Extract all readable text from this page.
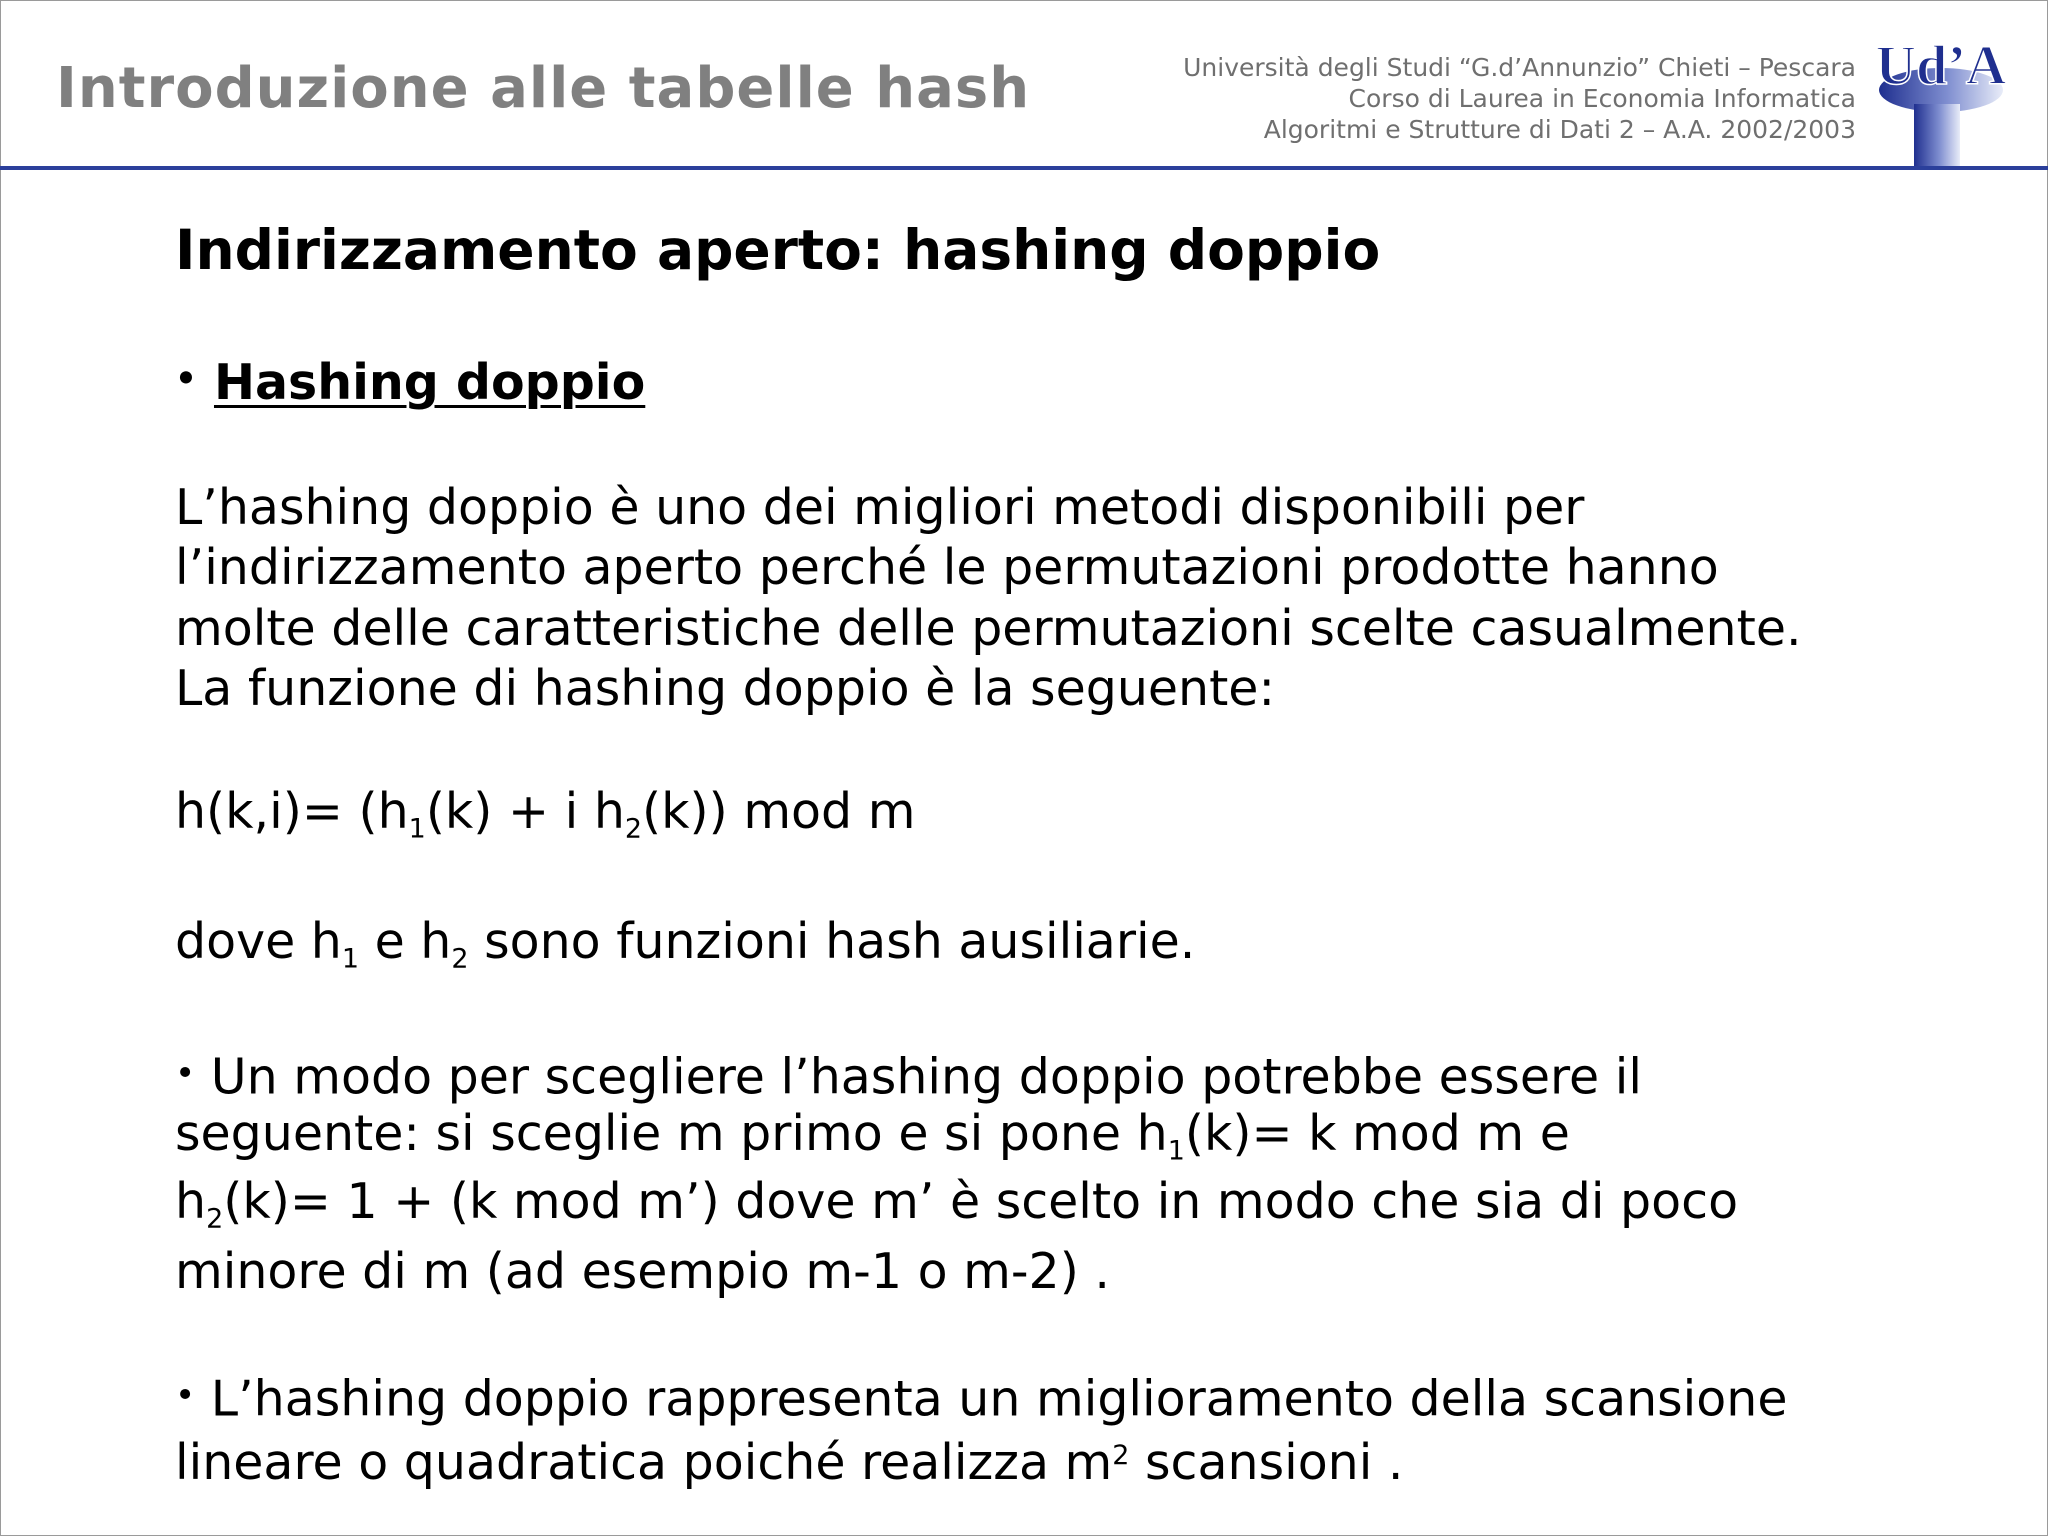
Introduzione alle tabelle hash	Università degli Studi “G.d’Annunzio” Chieti – Pescara
Corso di Laurea in Economia Informatica
Algoritmi e Strutture di Dati 2 – A.A. 2002/2003
Ud’A
Indirizzamento aperto: hashing doppio
• Hashing doppio
L’hashing doppio è uno dei migliori metodi disponibili per
l’indirizzamento aperto perché le permutazioni prodotte hanno
molte delle caratteristiche delle permutazioni scelte casualmente.
La funzione di hashing doppio è la seguente:
$h(k,i)= (h_1(k) + i$ $h_2(k)$) mod m
dove $h_1$ e $h_2$ sono funzioni hash ausiliarie.
• Un modo per scegliere l’hashing doppio potrebbe essere il
seguente: si sceglie m primo e si pone $h_1(k)= k$ mod m e
$h_2(k)= 1 + (k$ mod m’) dove m’ è scelto in modo che sia di poco
minore di m (ad esempio m-1 o m-2) .
• L’hashing doppio rappresenta un miglioramento della scansione
lineare o quadratica poiché realizza $m^2$ scansioni .
